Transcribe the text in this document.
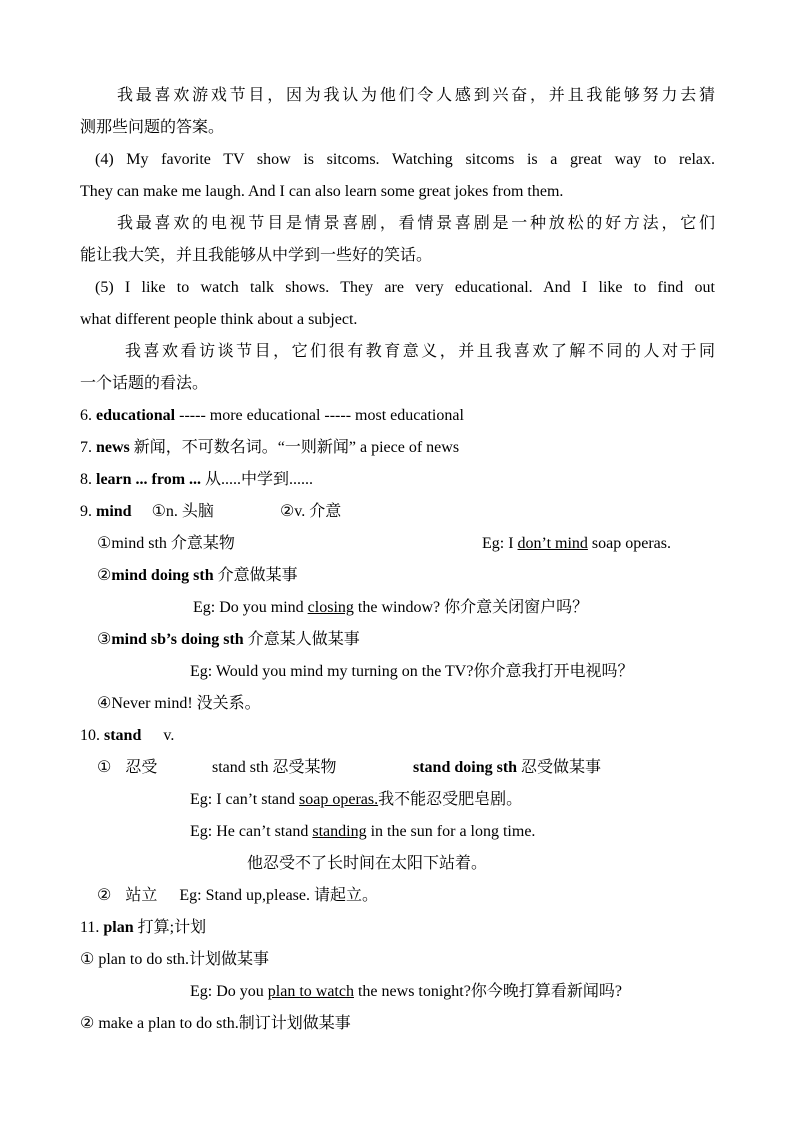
我最喜欢游戏节目，因为我认为他们令人感到兴奋，并且我能够努力去猜
测那些问题的答案。
(4) My favorite TV show is sitcoms. Watching sitcoms is a great way to relax.
They can make me laugh. And I can also learn some great jokes from them.
我最喜欢的电视节目是情景喜剧，看情景喜剧是一种放松的好方法，它们
能让我大笑，并且我能够从中学到一些好的笑话。
(5) I like to watch talk shows. They are very educational. And I like to find out
what different people think about a subject.
我喜欢看访谈节目，它们很有教育意义，并且我喜欢了解不同的人对于同
一个话题的看法。
6. educational ----- more educational ----- most educational
7. news 新闻，不可数名词。“一则新闻” a piece of news
8. learn ... from ... 从.....中学到......
9. mind ①n. 头脑	②v. 介意
①mind sth 介意某物	Eg: I don’t mind soap operas.
②mind doing sth 介意做某事
Eg: Do you mind closing the window? 你介意关闭窗户吗？
③mind sb’s doing sth 介意某人做某事
Eg: Would you mind my turning on the TV?你介意我打开电视吗？
④Never mind! 没关系。
10. stand v.
① 忍受	stand sth 忍受某物	stand doing sth 忍受做某事
Eg: I can’t stand soap operas.我不能忍受肥皂剧。
Eg: He can’t stand standing in the sun for a long time.
他忍受不了长时间在太阳下站着。
② 站立 Eg: Stand up,please. 请起立。
11. plan 打算;计划
① plan to do sth.计划做某事
Eg: Do you plan to watch the news tonight?你今晚打算看新闻吗?
② make a plan to do sth.制订计划做某事
